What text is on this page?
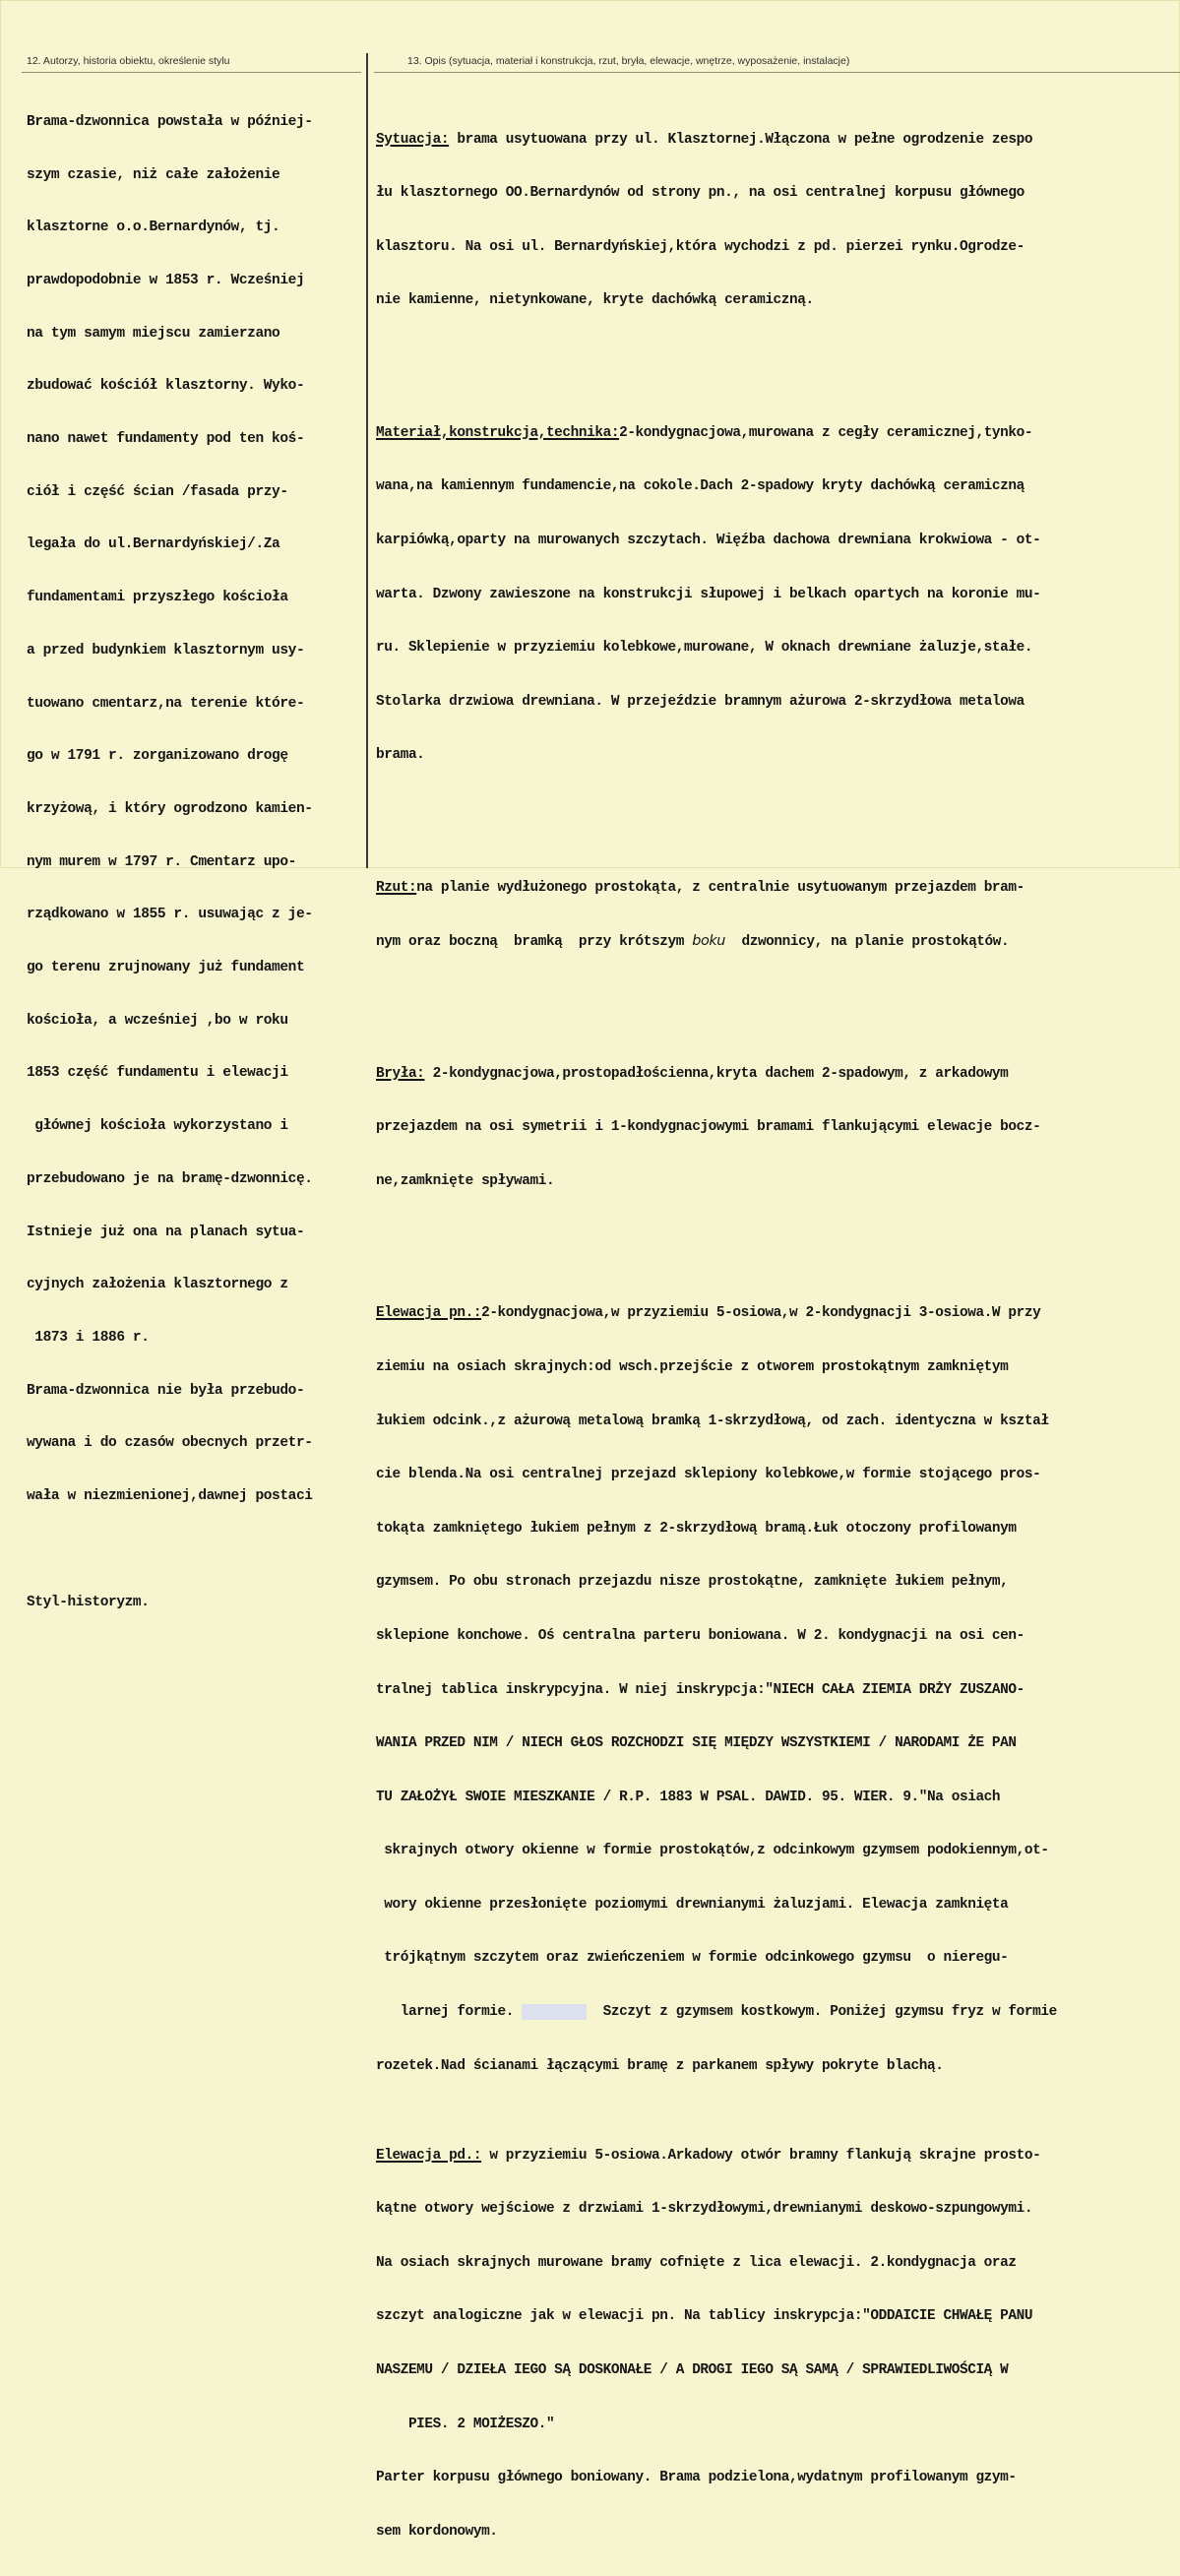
12. Autorzy, historia obiektu, określenie stylu	13. Opis (sytuacja, materiał i konstrukcja, rzut, bryła, elewacje, wnętrze, wyposażenie, instalacje)

Brama-dzwonnica powstała w później-

szym czasie, niż całe założenie

klasztorne o.o.Bernardynów, tj.

prawdopodobnie w 1853 r. Wcześniej

na tym samym miejscu zamierzano

zbudować kościół klasztorny. Wyko-

nano nawet fundamenty pod ten koś-

ciół i część ścian /fasada przy-

legała do ul.Bernardyńskiej/.Za

fundamentami przyszłego kościoła

a przed budynkiem klasztornym usy-

tuowano cmentarz,na terenie które-

go w 1791 r. zorganizowano drogę

krzyżową, i który ogrodzono kamien-

nym murem w 1797 r. Cmentarz upo-

rządkowano w 1855 r. usuwając z je-

go terenu zrujnowany już fundament

kościoła, a wcześniej ,bo w roku

1853 część fundamentu i elewacji

głównej kościoła wykorzystano i

przebudowano je na bramę-dzwonnicę.

Istnieje już ona na planach sytua-

cyjnych założenia klasztornego z

1873 i 1886 r.

Brama-dzwonnica nie była przebudo-

wywana i do czasów obecnych przetr-

wała w niezmienionej,dawnej postaci

Styl-historyzm.

Sytuacja: brama usytuowana przy ul. Klasztornej.Włączona w pełne ogrodzenie zespo

łu klasztornego OO.Bernardynów od strony pn., na osi centralnej korpusu głównego

klasztoru. Na osi ul. Bernardyńskiej,która wychodzi z pd. pierzei rynku.Ogrodze-

nie kamienne, nietynkowane, kryte dachówką ceramiczną.

Materiał,konstrukcja,technika:2-kondygnacjowa,murowana z cegły ceramicznej,tynko-

wana,na kamiennym fundamencie,na cokole.Dach 2-spadowy kryty dachówką ceramiczną

karpiówką,oparty na murowanych szczytach. Więźba dachowa drewniana krokwiowa - ot-

warta. Dzwony zawieszone na konstrukcji słupowej i belkach opartych na koronie mu-

ru. Sklepienie w przyziemiu kolebkowe,murowane, W oknach drewniane żaluzje,stałe.

Stolarka drzwiowa drewniana. W przejeździe bramnym ażurowa 2-skrzydłowa metalowa

brama.

Rzut:na planie wydłużonego prostokąta, z centralnie usytuowanym przejazdem bram-

nym oraz boczną  bramką  przy krótszym boku  dzwonnicy, na planie prostokątów.

Bryła: 2-kondygnacjowa,prostopadłościenna,kryta dachem 2-spadowym, z arkadowym

przejazdem na osi symetrii i 1-kondygnacjowymi bramami flankującymi elewacje bocz-

ne,zamknięte spływami.

Elewacja pn.:2-kondygnacjowa,w przyziemiu 5-osiowa,w 2-kondygnacji 3-osiowa.W przy

ziemiu na osiach skrajnych:od wsch.przejście z otworem prostokątnym zamkniętym

łukiem odcink.,z ażurową metalową bramką 1-skrzydłową, od zach. identyczna w kształ

cie blenda.Na osi centralnej przejazd sklepiony kolebkowe,w formie stojącego pros-

tokąta zamkniętego łukiem pełnym z 2-skrzydłową bramą.Łuk otoczony profilowanym

gzymsem. Po obu stronach przejazdu nisze prostokątne, zamknięte łukiem pełnym,

sklepione konchowe. Oś centralna parteru boniowana. W 2. kondygnacji na osi cen-

tralnej tablica inskrypcyjna. W niej inskrypcja:"NIECH CAŁA ZIEMIA DRŻY ZUSZANO-

WANIA PRZED NIM / NIECH GŁOS ROZCHODZI SIĘ MIĘDZY WSZYSTKIEMI / NARODAMI ŻE PAN

TU ZAŁOŻYŁ SWOIE MIESZKANIE / R.P. 1883 W PSAL. DAWID. 95. WIER. 9."Na osiach

skrajnych otwory okienne w formie prostokątów,z odcinkowym gzymsem podokiennym,ot-

wory okienne przesłonięte poziomymi drewnianymi żaluzjami. Elewacja zamknięta

trójkątnym szczytem oraz zwieńczeniem w formie odcinkowego gzymsu  o nieregu-

larnej formie. xxxxxxxx  Szczyt z gzymsem kostkowym. Poniżej gzymsu fryz w formie

rozetek.Nad ścianami łączącymi bramę z parkanem spływy pokryte blachą.

Elewacja pd.: w przyziemiu 5-osiowa.Arkadowy otwór bramny flankują skrajne prosto-

kątne otwory wejściowe z drzwiami 1-skrzydłowymi,drewnianymi deskowo-szpungowymi.

Na osiach skrajnych murowane bramy cofnięte z lica elewacji. 2.kondygnacja oraz

szczyt analogiczne jak w elewacji pn. Na tablicy inskrypcja:"ODDAICIE CHWAŁĘ PANU

NASZEMU / DZIEŁA IEGO SĄ DOSKONAŁE / A DROGI IEGO SĄ SAMĄ / SPRAWIEDLIWOŚCIĄ W

PIES. 2 MOIŻESZO."

Parter korpusu głównego boniowany. Brama podzielona,wydatnym profilowanym gzym-

sem kordonowym.
